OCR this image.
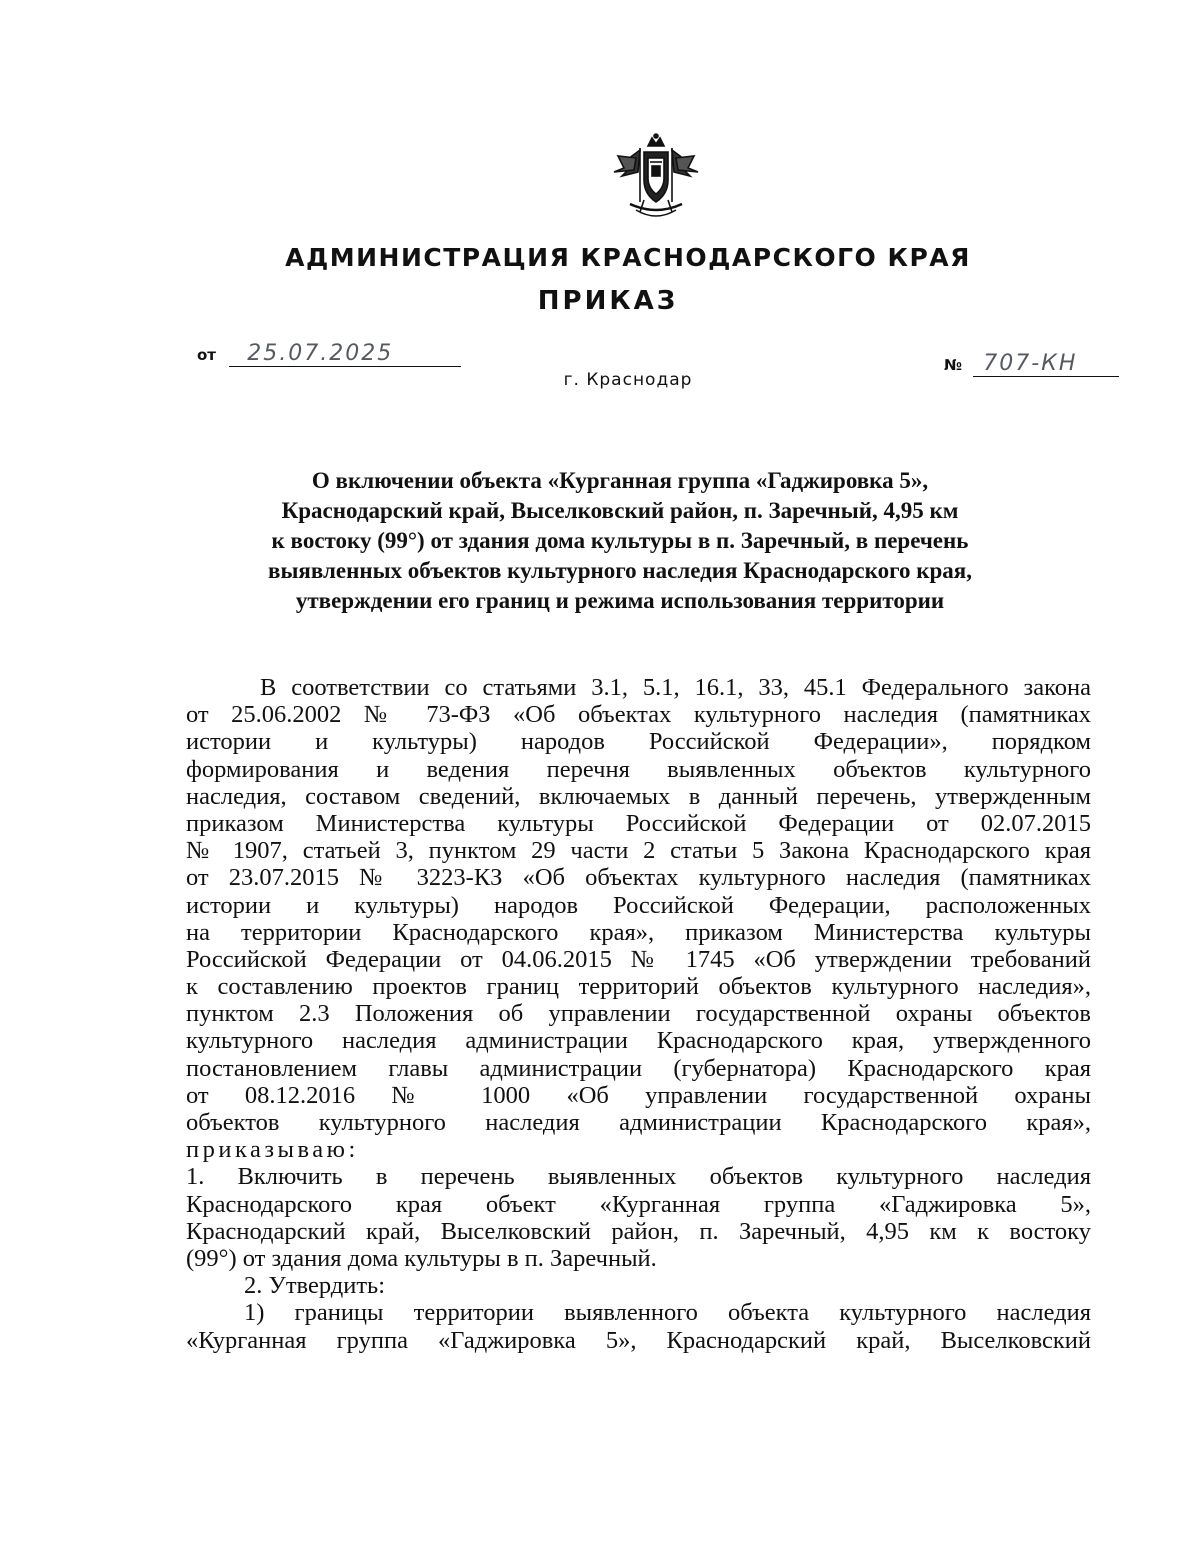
АДМИНИСТРАЦИЯ КРАСНОДАРСКОГО КРАЯ
ПРИКАЗ
от 25.07.2025	№ 707-КН
г. Краснодар
О включении объекта «Курганная группа «Гаджировка 5»,
Краснодарский край, Выселковский район, п. Заречный, 4,95 км
к востоку (99°) от здания дома культуры в п. Заречный, в перечень
выявленных объектов культурного наследия Краснодарского края,
утверждении его границ и режима использования территории
В соответствии со статьями 3.1, 5.1, 16.1, 33, 45.1 Федерального закона
от 25.06.2002 № 73-ФЗ «Об объектах культурного наследия (памятниках
истории и культуры) народов Российской Федерации», порядком
формирования и ведения перечня выявленных объектов культурного
наследия, составом сведений, включаемых в данный перечень, утвержденным
приказом Министерства культуры Российской Федерации от 02.07.2015
№ 1907, статьей 3, пунктом 29 части 2 статьи 5 Закона Краснодарского края
от 23.07.2015 № 3223-КЗ «Об объектах культурного наследия (памятниках
истории и культуры) народов Российской Федерации, расположенных
на территории Краснодарского края», приказом Министерства культуры
Российской Федерации от 04.06.2015 № 1745 «Об утверждении требований
к составлению проектов границ территорий объектов культурного наследия»,
пунктом 2.3 Положения об управлении государственной охраны объектов
культурного наследия администрации Краснодарского края, утвержденного
постановлением главы администрации (губернатора) Краснодарского края
от 08.12.2016 № 1000 «Об управлении государственной охраны
объектов культурного наследия администрации Краснодарского края»,
приказываю:
1. Включить в перечень выявленных объектов культурного наследия
Краснодарского края объект «Курганная группа «Гаджировка 5»,
Краснодарский край, Выселковский район, п. Заречный, 4,95 км к востоку
(99°) от здания дома культуры в п. Заречный.
2. Утвердить:
1) границы территории выявленного объекта культурного наследия
«Курганная группа «Гаджировка 5», Краснодарский край, Выселковский
